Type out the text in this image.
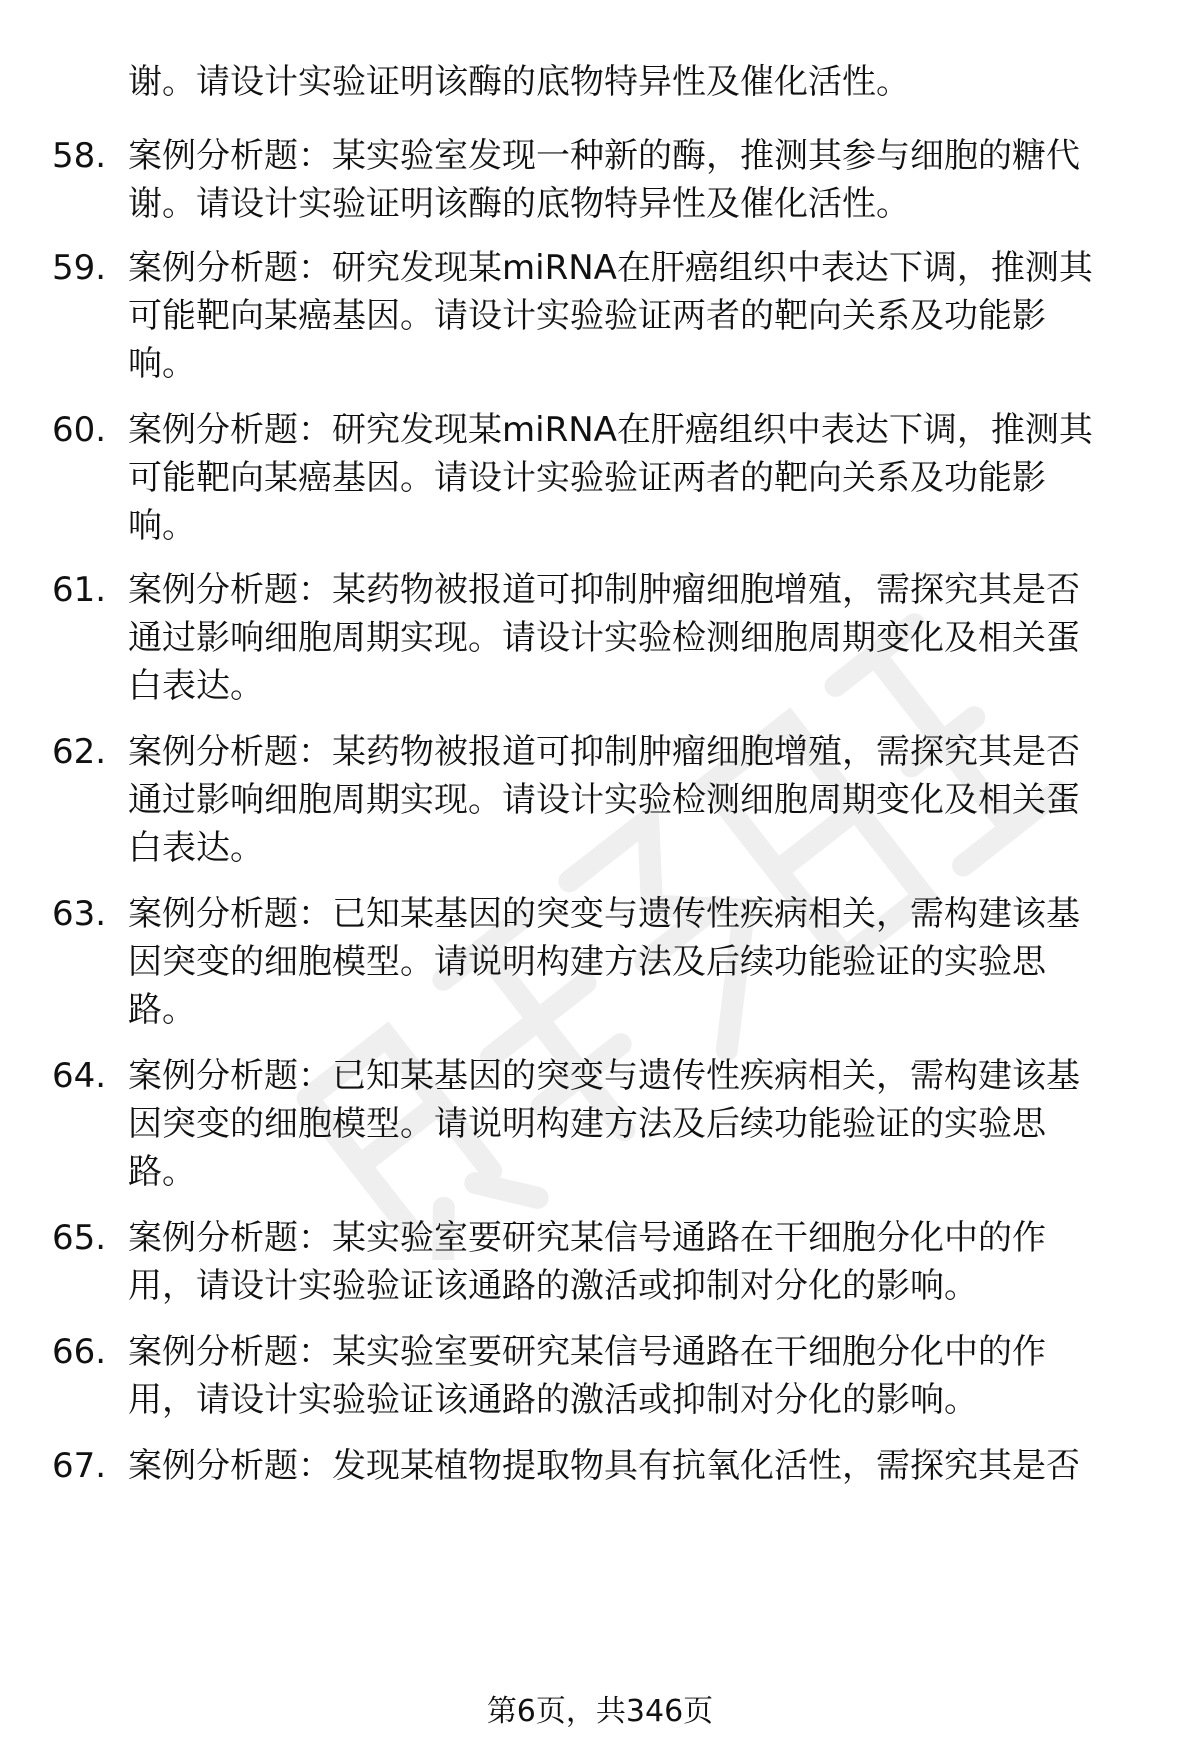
谢。请设计实验证明该酶的底物特异性及催化活性。

58. 案例分析题：某实验室发现一种新的酶，推测其参与细胞的糖代
谢。请设计实验证明该酶的底物特异性及催化活性。
59. 案例分析题：研究发现某miRNA在肝癌组织中表达下调，推测其
可能靶向某癌基因。请设计实验验证两者的靶向关系及功能影
响。
60. 案例分析题：研究发现某miRNA在肝癌组织中表达下调，推测其
可能靶向某癌基因。请设计实验验证两者的靶向关系及功能影
响。
61. 案例分析题：某药物被报道可抑制肿瘤细胞增殖，需探究其是否
通过影响细胞周期实现。请设计实验检测细胞周期变化及相关蛋
白表达。
62. 案例分析题：某药物被报道可抑制肿瘤细胞增殖，需探究其是否
通过影响细胞周期实现。请设计实验检测细胞周期变化及相关蛋
白表达。
63. 案例分析题：已知某基因的突变与遗传性疾病相关，需构建该基
因突变的细胞模型。请说明构建方法及后续功能验证的实验思
路。
64. 案例分析题：已知某基因的突变与遗传性疾病相关，需构建该基
因突变的细胞模型。请说明构建方法及后续功能验证的实验思
路。
65. 案例分析题：某实验室要研究某信号通路在干细胞分化中的作
用，请设计实验验证该通路的激活或抑制对分化的影响。
66. 案例分析题：某实验室要研究某信号通路在干细胞分化中的作
用，请设计实验验证该通路的激活或抑制对分化的影响。
67. 案例分析题：发现某植物提取物具有抗氧化活性，需探究其是否
第6页，共346页
